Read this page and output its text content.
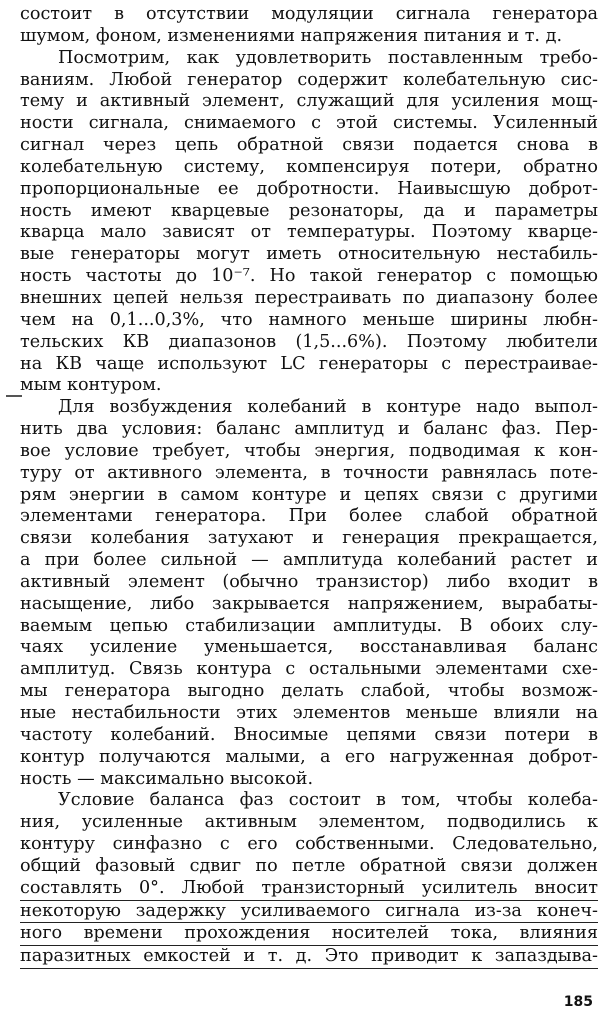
состоит в отсутствии модуляции сигнала генератора
шумом, фоном, изменениями напряжения питания и т. д.
Посмотрим, как удовлетворить поставленным требо-
ваниям. Любой генератор содержит колебательную сис-
тему и активный элемент, служащий для усиления мощ-
ности сигнала, снимаемого с этой системы. Усиленный
сигнал через цепь обратной связи подается снова в
колебательную систему, компенсируя потери, обратно
пропорциональные ее добротности. Наивысшую доброт-
ность имеют кварцевые резонаторы, да и параметры
кварца мало зависят от температуры. Поэтому кварце-
вые генераторы могут иметь относительную нестабиль-
ность частоты до 10⁻⁷. Но такой генератор с помощью
внешних цепей нельзя перестраивать по диапазону более
чем на 0,1...0,3%, что намного меньше ширины любн-
тельских КВ диапазонов (1,5...6%). Поэтому любители
на КВ чаще используют LC генераторы с перестраивае-
мым контуром.
Для возбуждения колебаний в контуре надо выпол-
нить два условия: баланс амплитуд и баланс фаз. Пер-
вое условие требует, чтобы энергия, подводимая к кон-
туру от активного элемента, в точности равнялась поте-
рям энергии в самом контуре и цепях связи с другими
элементами генератора. При более слабой обратной
связи колебания затухают и генерация прекращается,
а при более сильной — амплитуда колебаний растет и
активный элемент (обычно транзистор) либо входит в
насыщение, либо закрывается напряжением, вырабаты-
ваемым цепью стабилизации амплитуды. В обоих слу-
чаях усиление уменьшается, восстанавливая баланс
амплитуд. Связь контура с остальными элементами схе-
мы генератора выгодно делать слабой, чтобы возмож-
ные нестабильности этих элементов меньше влияли на
частоту колебаний. Вносимые цепями связи потери в
контур получаются малыми, а его нагруженная доброт-
ность — максимально высокой.
Условие баланса фаз состоит в том, чтобы колеба-
ния, усиленные активным элементом, подводились к
контуру синфазно с его собственными. Следовательно,
общий фазовый сдвиг по петле обратной связи должен
составлять 0°. Любой транзисторный усилитель вносит
некоторую задержку усиливаемого сигнала из-за конеч-
ного времени прохождения носителей тока, влияния
паразитных емкостей и т. д. Это приводит к запаздыва-
185
